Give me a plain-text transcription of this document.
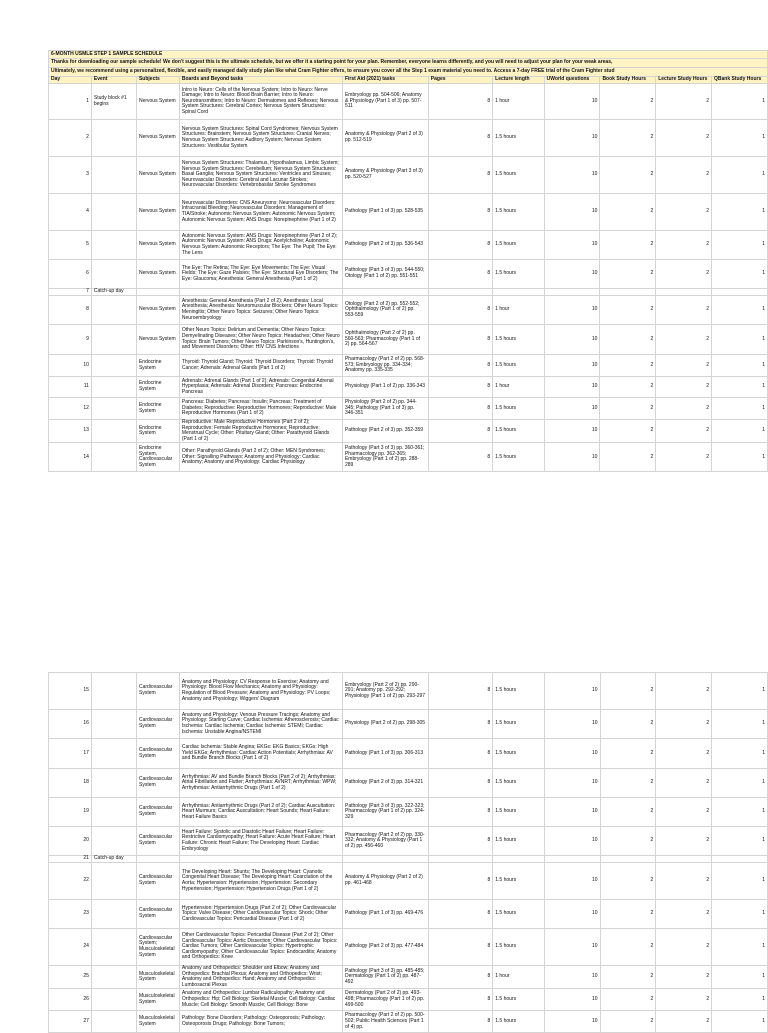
6-MONTH USMLE STEP 1 SAMPLE SCHEDULE										
Thanks for downloading our sample schedule! We don't suggest this is the ultimate schedule, but we offer it a starting point for your plan. Remember, everyone learns differently, and you will need to adjust your plan for your weak areas,										
Ultimately, we recommend using a personalized, flexible, and easily managed daily study plan like what Cram Fighter offers, to ensure you cover all the Step 1 exam material you need to. Access a 7-day FREE trial of the Cram Fighter stud										
Day	Event	Subjects	Boards and Beyond tasks	First Aid (2021) tasks	Pages	Lecture length	UWorld questions	Book Study Hours	Lecture Study Hours	QBank Study Hours
1	Study block #1 begins	Nervous System	Intro to Neuro: Cells of the Nervous System; Intro to Neuro: Nerve Damage; Intro to Neuro: Blood Brain Barrier; Intro to Neuro: Neurotransmitters; Intro to Neuro: Dermatomes and Reflexes; Nervous System Structures: Cerebral Cortex; Nervous System Structures: Spinal Cord	Embryology pp. 504-506; Anatomy & Physiology (Part 1 of 3) pp. 507-511	8	1 hour	10	2	2	1
2		Nervous System	Nervous System Structures: Spinal Cord Syndromes; Nervous System Structures: Brainstem; Nervous System Structures: Cranial Nerves; Nervous System Structures: Auditory System; Nervous System Structures: Vestibular System	Anatomy & Physiology (Part 2 of 3) pp. 512-519	8	1.5 hours	10	2	2	1
3		Nervous System	Nervous System Structures: Thalamus, Hypothalamus, Limbic System; Nervous System Structures: Cerebellum; Nervous System Structures: Basal Ganglia; Nervous System Structures: Ventricles and Sinuses; Neurovascular Disorders: Cerebral and Lacunar Strokes; Neurovascular Disorders: Vertebrobasilar Stroke Syndromes	Anatomy & Physiology (Part 3 of 3) pp. 520-527	8	1.5 hours	10	2	2	1
4		Nervous System	Neurovascular Disorders: CNS Aneurysms; Neurovascular Disorders: Intracranial Bleeding; Neurovascular Disorders: Management of TIA/Stroke; Autonomic Nervous System: Autonomic Nervous System; Autonomic Nervous System: ANS Drugs: Norepinephrine (Part 1 of 2)	Pathology (Part 1 of 3) pp. 528-535	8	1.5 hours	10	2	2	1
5		Nervous System	Autonomic Nervous System: ANS Drugs: Norepinephrine (Part 2 of 2); Autonomic Nervous System: ANS Drugs: Acetylcholine; Autonomic Nervous System: Autonomic Receptors; The Eye: The Pupil; The Eye: The Lens	Pathology (Part 2 of 3) pp. 536-543	8	1.5 hours	10	2	2	1
6		Nervous System	The Eye: The Retina; The Eye: Eye Movements; The Eye: Visual Fields; The Eye: Gaze Palsies; The Eye: Structural Eye Disorders; The Eye: Glaucoma; Anesthesia: General Anesthesia (Part 1 of 2)	Pathology (Part 3 of 3) pp. 544-550; Otology (Part 1 of 2) pp. 551-551	8	1.5 hours	10	2	2	1
7	Catch-up day									
8		Nervous System	Anesthesia: General Anesthesia (Part 2 of 2); Anesthesia: Local Anesthesia; Anesthesia: Neuromuscular Blockers; Other Neuro Topics: Meningitis; Other Neuro Topics: Seizures; Other Neuro Topics: Neuroembryology	Otology (Part 2 of 2) pp. 552-552; Ophthalmology (Part 1 of 2) pp. 553-559	8	1 hour	10	2	2	1
9		Nervous System	Other Neuro Topics: Delirium and Dementia; Other Neuro Topics: Demyelinating Diseases; Other Neuro Topics: Headaches; Other Neuro Topics: Brain Tumors; Other Neuro Topics: Parkinson's, Huntington's, and Movement Disorders; Other: HIV CNS Infections	Ophthalmology (Part 2 of 2) pp. 560-563; Pharmacology (Part 1 of 2) pp. 564-567	8	1.5 hours	10	2	2	1
10		Endocrine System	Thyroid: Thyroid Gland; Thyroid: Thyroid Disorders; Thyroid: Thyroid Cancer; Adrenals: Adrenal Glands (Part 1 of 2)	Pharmacology (Part 2 of 2) pp. 568-573; Embryology pp. 334-334; Anatomy pp. 335-335	8	1.5 hours	10	2	2	1
11		Endocrine System	Adrenals: Adrenal Glands (Part 1 of 2); Adrenals: Congenital Adrenal Hyperplasia; Adrenals: Adrenal Disorders; Pancreas: Endocrine Pancreas	Physiology (Part 1 of 2) pp. 336-343	8	1 hour	10	2	2	1
12		Endocrine System	Pancreas: Diabetes; Pancreas: Insulin; Pancreas: Treatment of Diabetes; Reproductive: Reproductive Hormones; Reproductive: Male Reproductive Hormones (Part 1 of 2)	Physiology (Part 2 of 2) pp. 344-345; Pathology (Part 1 of 3) pp. 346-351	8	1.5 hours	10	2	2	1
13		Endocrine System	Reproductive: Male Reproductive Hormones (Part 2 of 2); Reproductive: Female Reproductive Hormones; Reproductive: Menstrual Cycle; Other: Pituitary Gland; Other: Parathyroid Glands (Part 1 of 2)	Pathology (Part 2 of 3) pp. 352-359	8	1.5 hours	10	2	2	1
14		Endocrine System, Cardiovascular System	Other: Parathyroid Glands (Part 2 of 2); Other: MEN Syndromes; Other: Signalling Pathways; Anatomy and Physiology: Cardiac Anatomy; Anatomy and Physiology: Cardiac Physiology	Pathology (Part 3 of 3) pp. 360-361; Pharmacology pp. 362-365; Embryology (Part 1 of 2) pp. 288-289	8	1.5 hours	10	2	2	1
15		Cardiovascular System	Anatomy and Physiology: CV Response to Exercise; Anatomy and Physiology: Blood Flow Mechanics; Anatomy and Physiology: Regulation of Blood Pressure; Anatomy and Physiology: PV Loops; Anatomy and Physiology: Wiggers' Diagram	Embryology (Part 2 of 2) pp. 290-291; Anatomy pp. 292-292; Physiology (Part 1 of 2) pp. 293-297	8	1.5 hours	10	2	2	1
16		Cardiovascular System	Anatomy and Physiology: Venous Pressure Tracings; Anatomy and Physiology: Starling Curve; Cardiac Ischemia: Atherosclerosis; Cardiac Ischemia: Cardiac Ischemia; Cardiac Ischemia: STEMI; Cardiac Ischemia: Unstable Angina/NSTEMI	Physiology (Part 2 of 2) pp. 298-305	8	1.5 hours	10	2	2	1
17		Cardiovascular System	Cardiac Ischemia: Stable Angina; EKGs: EKG Basics; EKGs: High Yield EKGs; Arrhythmias: Cardiac Action Potentials; Arrhythmias: AV and Bundle Branch Blocks (Part 1 of 2)	Pathology (Part 1 of 3) pp. 306-313	8	1.5 hours	10	2	2	1
18		Cardiovascular System	Arrhythmias: AV and Bundle Branch Blocks (Part 2 of 2); Arrhythmias: Atrial Fibrillation and Flutter; Arrhythmias: AVNRT; Arrhythmias: WPW; Arrhythmias: Antiarrhythmic Drugs (Part 1 of 2)	Pathology (Part 2 of 3) pp. 314-321	8	1.5 hours	10	2	2	1
19		Cardiovascular System	Arrhythmias: Antiarrhythmic Drugs (Part 2 of 2); Cardiac Auscultation: Heart Murmurs; Cardiac Auscultation: Heart Sounds; Heart Failure: Heart Failure Basics	Pathology (Part 3 of 3) pp. 322-323; Pharmacology (Part 1 of 2) pp. 324-329	8	1.5 hours	10	2	2	1
20		Cardiovascular System	Heart Failure: Systolic and Diastolic Heart Failure; Heart Failure: Restrictive Cardiomyopathy; Heart Failure: Acute Heart Failure; Heart Failure: Chronic Heart Failure; The Developing Heart: Cardiac Embryology	Pharmacology (Part 2 of 2) pp. 330-332; Anatomy & Physiology (Part 1 of 2) pp. 456-460	8	1.5 hours	10	2	2	1
21	Catch-up day									
22		Cardiovascular System	The Developing Heart: Shunts; The Developing Heart: Cyanotic Congenital Heart Disease; The Developing Heart: Coarctation of the Aorta; Hypertension: Hypertension; Hypertension: Secondary Hypertension; Hypertension: Hypertension Drugs (Part 1 of 2)	Anatomy & Physiology (Part 2 of 2) pp. 461-468	8	1.5 hours	10	2	2	1
23		Cardiovascular System	Hypertension: Hypertension Drugs (Part 2 of 2); Other Cardiovascular Topics: Valve Disease; Other Cardiovascular Topics: Shock; Other Cardiovascular Topics: Pericardial Disease (Part 1 of 2)	Pathology (Part 1 of 3) pp. 469-476	8	1.5 hours	10	2	2	1
24		Cardiovascular System; Musculoskeletal System	Other Cardiovascular Topics: Pericardial Disease (Part 2 of 2); Other Cardiovascular Topics: Aortic Dissection; Other Cardiovascular Topics: Cardiac Tumors; Other Cardiovascular Topics: Hypertrophic Cardiomyopathy; Other Cardiovascular Topics: Endocarditis; Anatomy and Orthopedics: Knee	Pathology (Part 2 of 3) pp. 477-484	8	1.5 hours	10	2	2	1
25		Musculoskeletal System	Anatomy and Orthopedics: Shoulder and Elbow; Anatomy and Orthopedics: Brachial Plexus; Anatomy and Orthopedics: Wrist; Anatomy and Orthopedics: Hand; Anatomy and Orthopedics: Lumbosacral Plexus	Pathology (Part 3 of 3) pp. 485-485; Dermatology (Part 1 of 2) pp. 487-492	8	1 hour	10	2	2	1
26		Musculoskeletal System	Anatomy and Orthopedics: Lumbar Radiculopathy; Anatomy and Orthopedics: Hip; Cell Biology: Skeletal Muscle; Cell Biology: Cardiac Muscle; Cell Biology: Smooth Muscle; Cell Biology: Bone	Dermatology (Part 2 of 2) pp. 493-498; Pharmacology (Part 1 of 2) pp. 499-500	8	1.5 hours	10	2	2	1
27		Musculoskeletal System	Pathology: Bone Disorders; Pathology: Osteoporosis; Pathology: Osteoporosis Drugs; Pathology: Bone Tumors;	Pharmacology (Part 2 of 2) pp. 500-502; Public Health Sciences (Part 1 of 4) pp.	8	1.5 hours	10	2	2	1
